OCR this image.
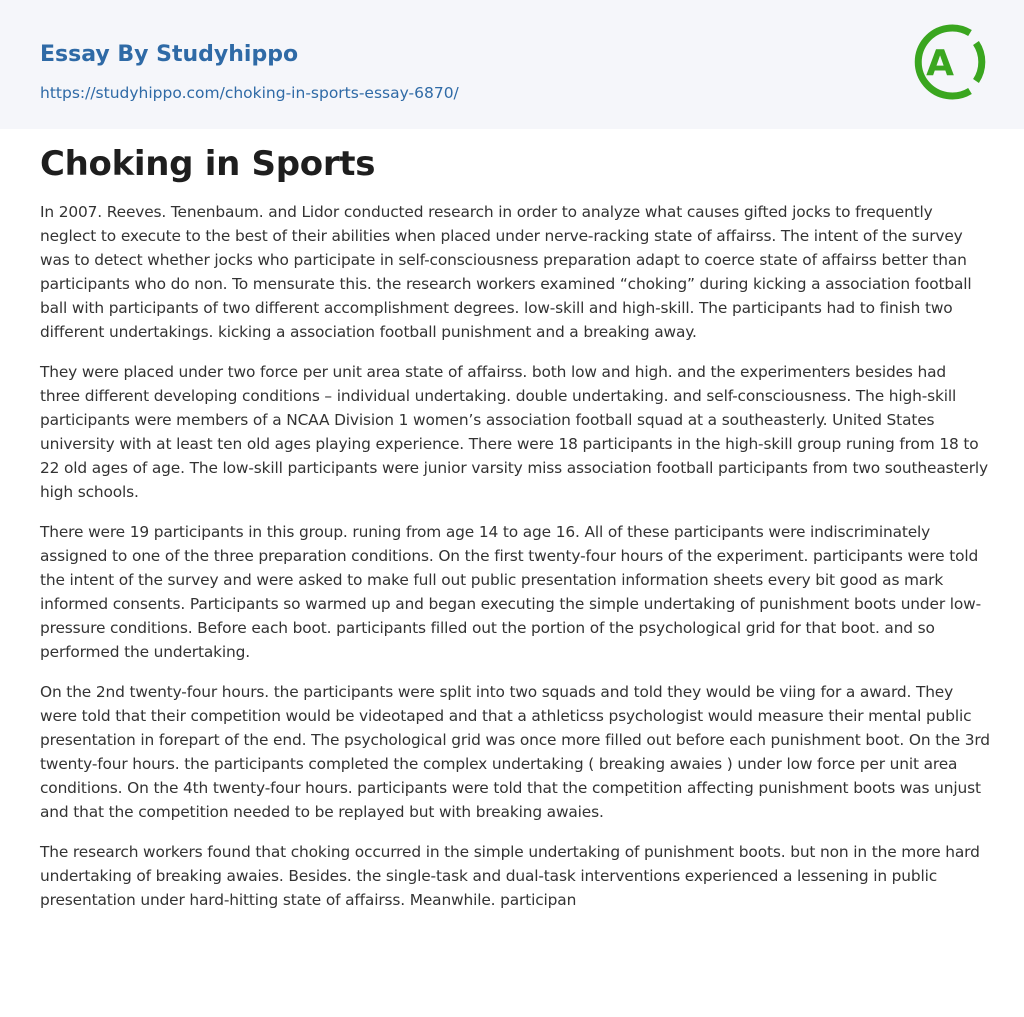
Essay By Studyhippo
https://studyhippo.com/choking-in-sports-essay-6870/
A
Choking in Sports

In 2007. Reeves. Tenenbaum. and Lidor conducted research in order to analyze what causes gifted jocks to frequently neglect to execute to the best of their abilities when placed under nerve-racking state of affairss. The intent of the survey was to detect whether jocks who participate in self-consciousness preparation adapt to coerce state of affairss better than participants who do non. To mensurate this. the research workers examined “choking” during kicking a association football ball with participants of two different accomplishment degrees. low-skill and high-skill. The participants had to finish two different undertakings. kicking a association football punishment and a breaking away.

They were placed under two force per unit area state of affairss. both low and high. and the experimenters besides had three different developing conditions – individual undertaking. double undertaking. and self-consciousness. The high-skill participants were members of a NCAA Division 1 women’s association football squad at a southeasterly. United States university with at least ten old ages playing experience. There were 18 participants in the high-skill group runing from 18 to 22 old ages of age. The low-skill participants were junior varsity miss association football participants from two southeasterly high schools.

There were 19 participants in this group. runing from age 14 to age 16. All of these participants were indiscriminately assigned to one of the three preparation conditions. On the first twenty-four hours of the experiment. participants were told the intent of the survey and were asked to make full out public presentation information sheets every bit good as mark informed consents. Participants so warmed up and began executing the simple undertaking of punishment boots under low-pressure conditions. Before each boot. participants filled out the portion of the psychological grid for that boot. and so performed the undertaking.

On the 2nd twenty-four hours. the participants were split into two squads and told they would be viing for a award. They were told that their competition would be videotaped and that a athleticss psychologist would measure their mental public presentation in forepart of the end. The psychological grid was once more filled out before each punishment boot. On the 3rd twenty-four hours. the participants completed the complex undertaking ( breaking awaies ) under low force per unit area conditions. On the 4th twenty-four hours. participants were told that the competition affecting punishment boots was unjust and that the competition needed to be replayed but with breaking awaies.

The research workers found that choking occurred in the simple undertaking of punishment boots. but non in the more hard undertaking of breaking awaies. Besides. the single-task and dual-task interventions experienced a lessening in public presentation under hard-hitting state of affairss. Meanwhile. participan
